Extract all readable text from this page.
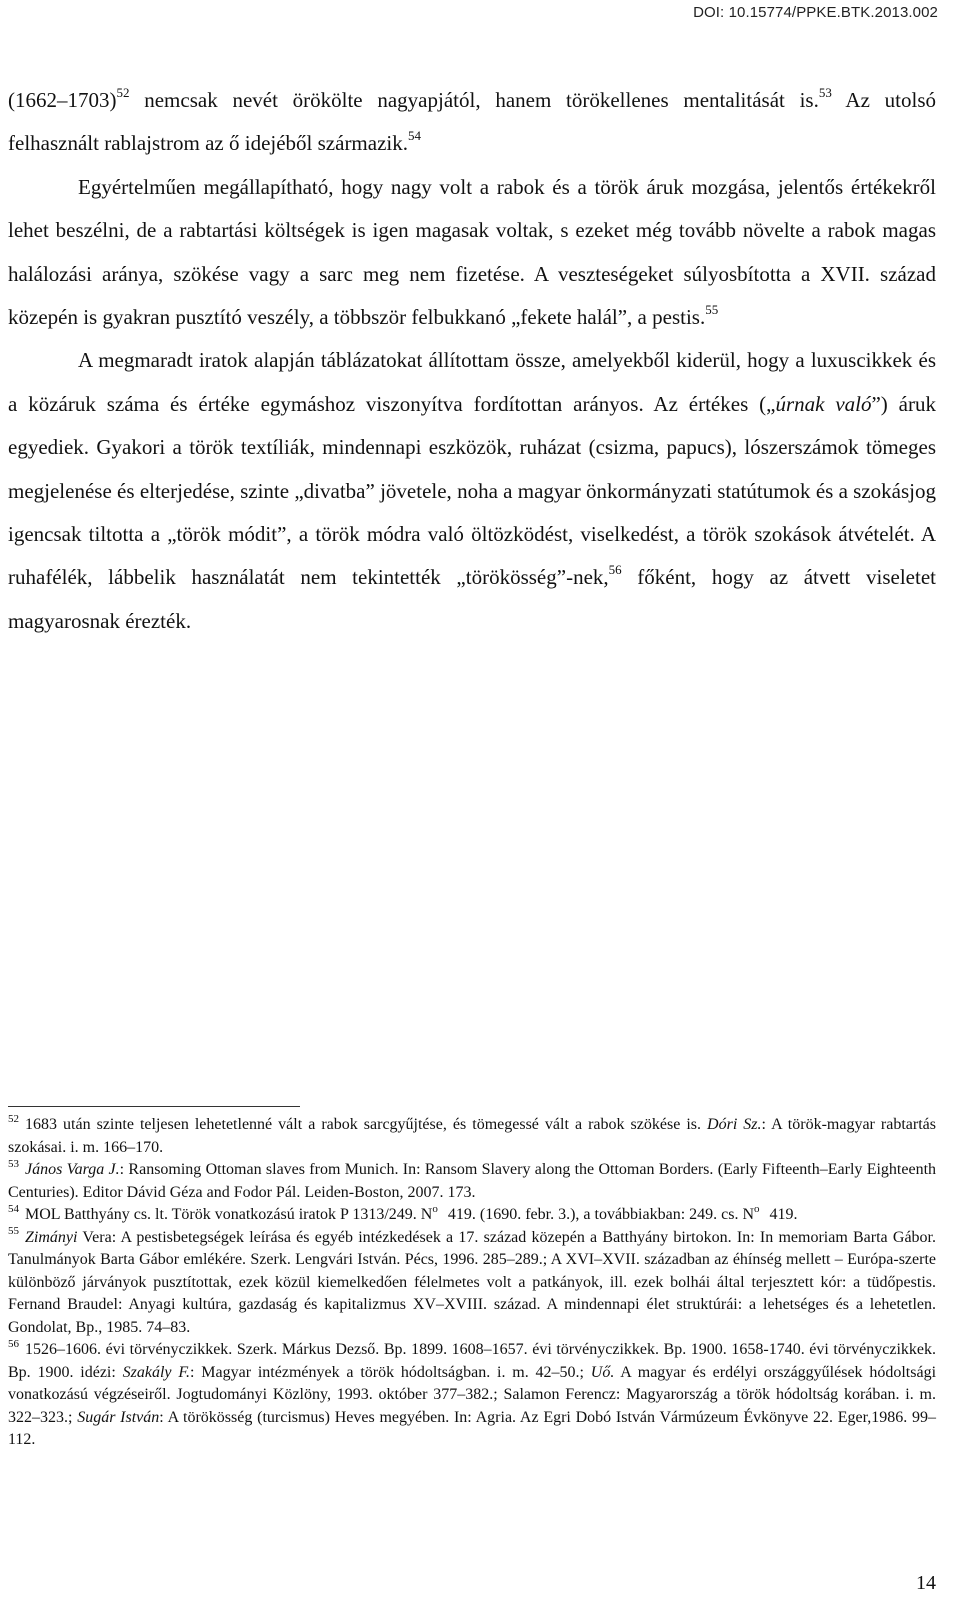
DOI: 10.15774/PPKE.BTK.2013.002

(1662–1703)$^{52}$ nemcsak nevét örökölte nagyapjától, hanem törökellenes mentalitását is.$^{53}$ Az utolsó felhasznált rablajstrom az ő idejéből származik.$^{54}$

Egyértelműen megállapítható, hogy nagy volt a rabok és a török áruk mozgása, jelentős értékekről lehet beszélni, de a rabtartási költségek is igen magasak voltak, s ezeket még tovább növelte a rabok magas halálozási aránya, szökése vagy a sarc meg nem fizetése. A veszteségeket súlyosbította a XVII. század közepén is gyakran pusztító veszély, a többször felbukkanó „fekete halál”, a pestis.$^{55}$

A megmaradt iratok alapján táblázatokat állítottam össze, amelyekből kiderül, hogy a luxuscikkek és a közáruk száma és értéke egymáshoz viszonyítva fordítottan arányos. Az értékes („úrnak való”) áruk egyediek. Gyakori a török textíliák, mindennapi eszközök, ruházat (csizma, papucs), lószerszámok tömeges megjelenése és elterjedése, szinte „divatba” jövetele, noha a magyar önkormányzati statútumok és a szokásjog igencsak tiltotta a „török módit”, a török módra való öltözködést, viselkedést, a török szokások átvételét. A ruhafélék, lábbelik használatát nem tekintették „törökösség”-nek,$^{56}$ főként, hogy az átvett viseletet magyarosnak érezték.

$^{52}$ 1683 után szinte teljesen lehetetlenné vált a rabok sarcgyűjtése, és tömegessé vált a rabok szökése is. Dóri Sz.: A török-magyar rabtartás szokásai. i. m. 166–170.

$^{53}$ János Varga J.: Ransoming Ottoman slaves from Munich. In: Ransom Slavery along the Ottoman Borders. (Early Fifteenth–Early Eighteenth Centuries). Editor Dávid Géza and Fodor Pál. Leiden-Boston, 2007. 173.

$^{54}$ MOL Batthyány cs. lt. Török vonatkozású iratok P 1313/249. $N^o$ 419. (1690. febr. 3.), a továbbiakban: 249. cs. $N^o$ 419.

$^{55}$ Zimányi Vera: A pestisbetegségek leírása és egyéb intézkedések a 17. század közepén a Batthyány birtokon. In: In memoriam Barta Gábor. Tanulmányok Barta Gábor emlékére. Szerk. Lengvári István. Pécs, 1996. 285–289.; A XVI–XVII. században az éhínség mellett – Európa-szerte különböző járványok pusztítottak, ezek közül kiemelkedően félelmetes volt a patkányok, ill. ezek bolhái által terjesztett kór: a tüdőpestis. Fernand Braudel: Anyagi kultúra, gazdaság és kapitalizmus XV–XVIII. század. A mindennapi élet struktúrái: a lehetséges és a lehetetlen. Gondolat, Bp., 1985. 74–83.

$^{56}$ 1526–1606. évi törvényczikkek. Szerk. Márkus Dezső. Bp. 1899. 1608–1657. évi törvényczikkek. Bp. 1900. 1658-1740. évi törvényczikkek. Bp. 1900. idézi: Szakály F.: Magyar intézmények a török hódoltságban. i. m. 42–50.; Uő. A magyar és erdélyi országgyűlések hódoltsági vonatkozású végzéseiről. Jogtudományi Közlöny, 1993. október 377–382.; Salamon Ferencz: Magyarország a török hódoltság korában. i. m. 322–323.; Sugár István: A törökösség (turcismus) Heves megyében. In: Agria. Az Egri Dobó István Vármúzeum Évkönyve 22. Eger,1986. 99–112.

14
